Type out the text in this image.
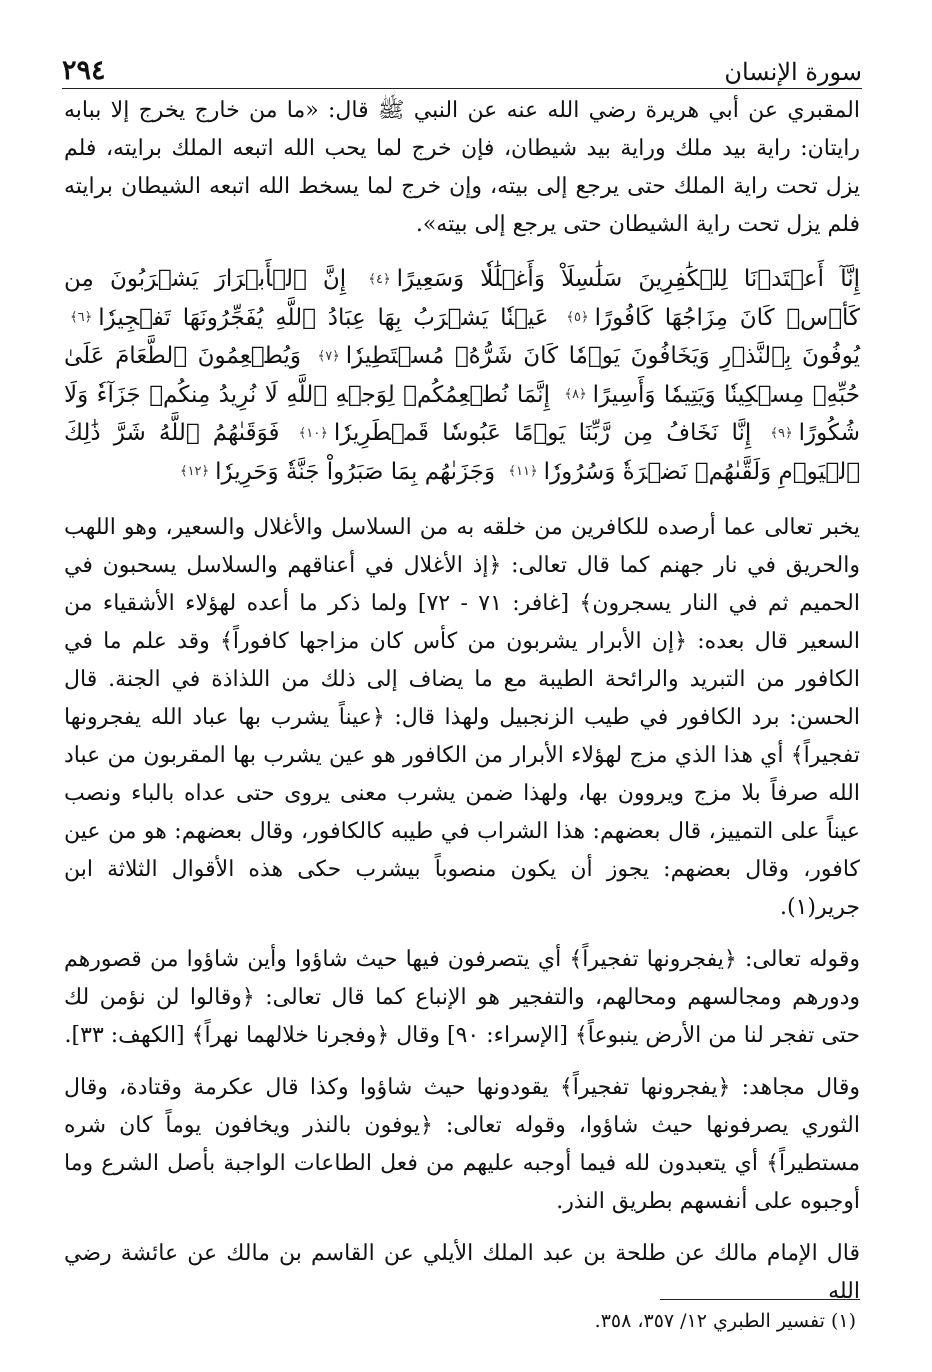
سورة الإنسان
٢٩٤

المقبري عن أبي هريرة رضي الله عنه عن النبي ﷺ قال: «ما من خارج يخرج إلا ببابه رايتان: راية بيد ملك وراية بيد شيطان، فإن خرج لما يحب الله اتبعه الملك برايته، فلم يزل تحت راية الملك حتى يرجع إلى بيته، وإن خرج لما يسخط الله اتبعه الشيطان برايته فلم يزل تحت راية الشيطان حتى يرجع إلى بيته».

إِنَّآ أَعۡتَدۡنَا لِلۡكَٰفِرِينَ سَلَٰسِلَاْ وَأَغۡلَٰلٗا وَسَعِيرًا﴿٤﴾ إِنَّ ٱلۡأَبۡرَارَ يَشۡرَبُونَ مِن كَأۡسٖ كَانَ مِزَاجُهَا كَافُورًا﴿٥﴾ عَيۡنٗا يَشۡرَبُ بِهَا عِبَادُ ٱللَّهِ يُفَجِّرُونَهَا تَفۡجِيرٗا﴿٦﴾ يُوفُونَ بِٱلنَّذۡرِ وَيَخَافُونَ يَوۡمٗا كَانَ شَرُّهُۥ مُسۡتَطِيرٗا﴿٧﴾ وَيُطۡعِمُونَ ٱلطَّعَامَ عَلَىٰ حُبِّهِۦ مِسۡكِينٗا وَيَتِيمٗا وَأَسِيرًا﴿٨﴾ إِنَّمَا نُطۡعِمُكُمۡ لِوَجۡهِ ٱللَّهِ لَا نُرِيدُ مِنكُمۡ جَزَآءٗ وَلَا شُكُورًا﴿٩﴾ إِنَّا نَخَافُ مِن رَّبِّنَا يَوۡمًا عَبُوسٗا قَمۡطَرِيرٗا﴿١٠﴾ فَوَقَىٰهُمُ ٱللَّهُ شَرَّ ذَٰلِكَ ٱلۡيَوۡمِ وَلَقَّىٰهُمۡ نَضۡرَةٗ وَسُرُورٗا﴿١١﴾ وَجَزَىٰهُم بِمَا صَبَرُواْ جَنَّةٗ وَحَرِيرٗا﴿١٢﴾

يخبر تعالى عما أرصده للكافرين من خلقه به من السلاسل والأغلال والسعير، وهو اللهب والحريق في نار جهنم كما قال تعالى: ﴿إذ الأغلال في أعناقهم والسلاسل يسحبون في الحميم ثم في النار يسجرون﴾ [غافر: ٧١ - ٧٢] ولما ذكر ما أعده لهؤلاء الأشقياء من السعير قال بعده: ﴿إن الأبرار يشربون من كأس كان مزاجها كافوراً﴾ وقد علم ما في الكافور من التبريد والرائحة الطيبة مع ما يضاف إلى ذلك من اللذاذة في الجنة. قال الحسن: برد الكافور في طيب الزنجبيل ولهذا قال: ﴿عيناً يشرب بها عباد الله يفجرونها تفجيراً﴾ أي هذا الذي مزج لهؤلاء الأبرار من الكافور هو عين يشرب بها المقربون من عباد الله صرفاً بلا مزج ويروون بها، ولهذا ضمن يشرب معنى يروى حتى عداه بالباء ونصب عيناً على التمييز، قال بعضهم: هذا الشراب في طيبه كالكافور، وقال بعضهم: هو من عين كافور، وقال بعضهم: يجوز أن يكون منصوباً بيشرب حكى هذه الأقوال الثلاثة ابن جرير(١).

وقوله تعالى: ﴿يفجرونها تفجيراً﴾ أي يتصرفون فيها حيث شاؤوا وأين شاؤوا من قصورهم ودورهم ومجالسهم ومحالهم، والتفجير هو الإنباع كما قال تعالى: ﴿وقالوا لن نؤمن لك حتى تفجر لنا من الأرض ينبوعاً﴾ [الإسراء: ٩٠] وقال ﴿وفجرنا خلالهما نهراً﴾ [الكهف: ٣٣].

وقال مجاهد: ﴿يفجرونها تفجيراً﴾ يقودونها حيث شاؤوا وكذا قال عكرمة وقتادة، وقال الثوري يصرفونها حيث شاؤوا، وقوله تعالى: ﴿يوفون بالنذر ويخافون يوماً كان شره مستطيراً﴾ أي يتعبدون لله فيما أوجبه عليهم من فعل الطاعات الواجبة بأصل الشرع وما أوجبوه على أنفسهم بطريق النذر.

قال الإمام مالك عن طلحة بن عبد الملك الأيلي عن القاسم بن مالك عن عائشة رضي الله

(١) تفسير الطبري ١٢/ ٣٥٧، ٣٥٨.
